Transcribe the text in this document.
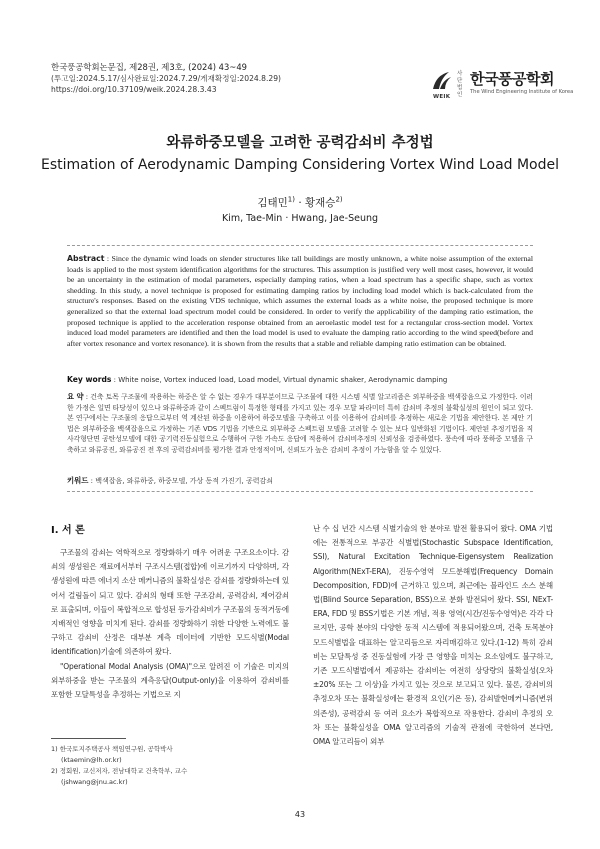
한국풍공학회논문집, 제28권, 제3호, (2024) 43~49
(투고일:2024.5.17/심사완료일:2024.7.29/게재확정일:2024.8.29)
https://doi.org/10.37109/weik.2024.28.3.43
사단법인
한국풍공학회
WEIK
The Wind Engineering Institute of Korea
와류하중모델을 고려한 공력감쇠비 추정법
Estimation of Aerodynamic Damping Considering Vortex Wind Load Model
김태민$^{1)}$ · 황재승$^{2)}$
Kim, Tae-Min · Hwang, Jae-Seung
Abstract : Since the dynamic wind loads on slender structures like tall buildings are mostly unknown, a white noise assumption of the external loads is applied to the most system identification algorithms for the structures. This assumption is justified very well most cases, however, it would be an uncertainty in the estimation of modal parameters, especially damping ratios, when a load spectrum has a specific shape, such as vortex shedding. In this study, a novel technique is proposed for estimating damping ratios by including load model which is back-calculated from the structure's responses. Based on the existing VDS technique, which assumes the external loads as a white noise, the proposed technique is more generalized so that the external load spectrum model could be considered. In order to verify the applicability of the damping ratio estimation, the proposed technique is applied to the acceleration response obtained from an aeroelastic model test for a rectangular cross-section model. Vortex induced load model parameters are identified and then the load model is used to evaluate the damping ratio according to the wind speed(before and after vortex resonance and vortex resonance). it is shown from the results that a stable and reliable damping ratio estimation can be obtained.
Key words : White noise, Vortex induced load, Load model, Virtual dynamic shaker, Aerodynamic damping
요 약 : 건축 토목 구조물에 작용하는 하중은 알 수 없는 경우가 대부분이므로 구조물에 대한 시스템 식별 알고리즘은 외부하중을 백색잡음으로 가정한다. 이러한 가정은 일면 타당성이 있으나 와류하중과 같이 스펙트럼이 특정한 형태를 가지고 있는 경우 모달 파라미터 특히 감쇠비 추정의 불확실성의 원인이 되고 있다. 본 연구에서는 구조물의 응답으로부터 역 계산된 하중을 이용하여 하중모델을 구축하고 이를 이용하여 감쇠비를 추정하는 새로운 기법을 제안한다. 본 제안 기법은 외부하중을 백색잡음으로 가정하는 기존 VDS 기법을 기반으로 외부하중 스펙트럼 모델을 고려할 수 있는 보다 일반화된 기법이다. 제안된 추정기법을 직사각형단면 공탄성모델에 대한 공기력진동실험으로 수행하여 구한 가속도 응답에 적용하여 감쇠비추정의 신뢰성을 검증하였다. 풍속에 따라 풍하중 모델을 구축하고 와류공진, 와류공진 전 후의 공력감쇠비를 평가한 결과 안정적이며, 신뢰도가 높은 감쇠비 추정이 가능함을 알 수 있었다.
키워드 : 백색잡음, 와류하중, 하중모델, 가상 동적 가진기, 공력감쇠
I. 서 론

구조물의 감쇠는 역학적으로 정량화하기 매우 어려운 구조요소이다. 감쇠의 생성원은 재료에서부터 구조시스템(접합)에 이르기까지 다양하며, 각 생성원에 따른 에너지 소산 메커니즘의 불확실성은 감쇠를 정량화하는데 있어서 걸림돌이 되고 있다. 감쇠의 형태 또한 구조감쇠, 공력감쇠, 제어감쇠로 표출되며, 이들이 복합적으로 합성된 등가감쇠비가 구조물의 동적거동에 지배적인 영향을 미치게 된다. 감쇠를 정량화하기 위한 다양한 노력에도 불구하고 감쇠비 산정은 대부분 계측 데이터에 기반한 모드식별(Modal identification)기술에 의존하여 왔다.

"Operational Modal Analysis (OMA)"으로 알려진 이 기술은 미지의 외부하중을 받는 구조물의 계측응답(Output-only)을 이용하여 감쇠비를 포함한 모달특성을 추정하는 기법으로 지

난 수 십 년간 시스템 식별기술의 한 분야로 발전 활용되어 왔다. OMA 기법에는 전통적으로 부공간 식별법(Stochastic Subspace Identification, SSI), Natural Excitation Technique-Eigensystem Realization Algorithm(NExT-ERA), 진동수영역 모드분해법(Frequency Domain Decomposition, FDD)에 근거하고 있으며, 최근에는 블라인드 소스 분해법(Blind Source Separation, BSS)으로 분화 발전되어 왔다. SSI, NExT-ERA, FDD 및 BSS기법은 기본 개념, 적용 영역(시간/진동수영역)은 각각 다르지만, 공학 분야의 다양한 동적 시스템에 적용되어왔으며, 건축 토목분야 모드식별법을 대표하는 알고리듬으로 자리매김하고 있다.(1-12) 특히 감쇠비는 모달특성 중 진동실험에 가장 큰 영향을 미치는 요소임에도 불구하고, 기존 모드식별법에서 제공하는 감쇠비는 여전히 상당량의 불확실성(오차 ±20% 또는 그 이상)을 가지고 있는 것으로 보고되고 있다. 물론, 감쇠비의 추정오차 또는 불확실성에는 환경적 요인(기온 등), 감쇠발현메커니즘(변위의존성), 공력감쇠 등 여러 요소가 복합적으로 작용한다. 감쇠비 추정의 오차 또는 불확실성을 OMA 알고리즘의 기술적 관점에 국한하여 본다면, OMA 알고리듬이 외부

1) 한국토지주택공사 책임연구원, 공학박사
(ktaemin@lh.or.kr)
2) 정회원, 교신저자, 전남대학교 건축학부, 교수
(jshwang@jnu.ac.kr)
43
